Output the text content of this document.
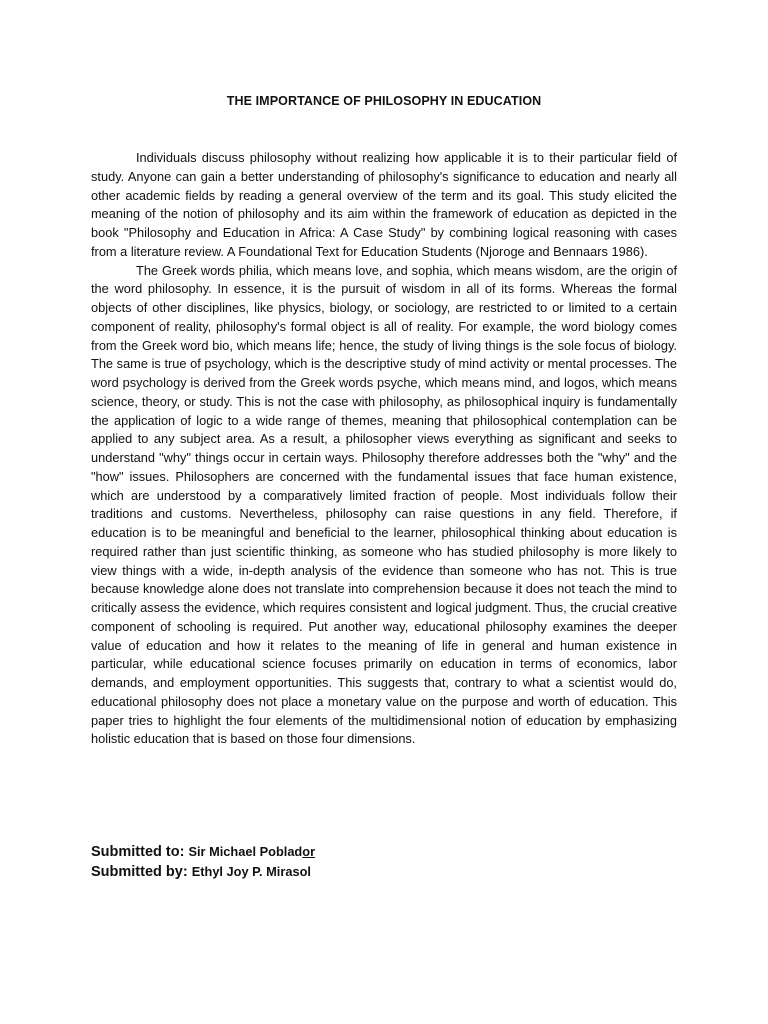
THE IMPORTANCE OF PHILOSOPHY IN EDUCATION

Individuals discuss philosophy without realizing how applicable it is to their particular field of study. Anyone can gain a better understanding of philosophy's significance to education and nearly all other academic fields by reading a general overview of the term and its goal. This study elicited the meaning of the notion of philosophy and its aim within the framework of education as depicted in the book "Philosophy and Education in Africa: A Case Study" by combining logical reasoning with cases from a literature review. A Foundational Text for Education Students (Njoroge and Bennaars 1986).

The Greek words philia, which means love, and sophia, which means wisdom, are the origin of the word philosophy. In essence, it is the pursuit of wisdom in all of its forms. Whereas the formal objects of other disciplines, like physics, biology, or sociology, are restricted to or limited to a certain component of reality, philosophy's formal object is all of reality. For example, the word biology comes from the Greek word bio, which means life; hence, the study of living things is the sole focus of biology. The same is true of psychology, which is the descriptive study of mind activity or mental processes. The word psychology is derived from the Greek words psyche, which means mind, and logos, which means science, theory, or study. This is not the case with philosophy, as philosophical inquiry is fundamentally the application of logic to a wide range of themes, meaning that philosophical contemplation can be applied to any subject area. As a result, a philosopher views everything as significant and seeks to understand "why" things occur in certain ways. Philosophy therefore addresses both the "why" and the "how" issues. Philosophers are concerned with the fundamental issues that face human existence, which are understood by a comparatively limited fraction of people. Most individuals follow their traditions and customs. Nevertheless, philosophy can raise questions in any field. Therefore, if education is to be meaningful and beneficial to the learner, philosophical thinking about education is required rather than just scientific thinking, as someone who has studied philosophy is more likely to view things with a wide, in-depth analysis of the evidence than someone who has not. This is true because knowledge alone does not translate into comprehension because it does not teach the mind to critically assess the evidence, which requires consistent and logical judgment. Thus, the crucial creative component of schooling is required. Put another way, educational philosophy examines the deeper value of education and how it relates to the meaning of life in general and human existence in particular, while educational science focuses primarily on education in terms of economics, labor demands, and employment opportunities. This suggests that, contrary to what a scientist would do, educational philosophy does not place a monetary value on the purpose and worth of education. This paper tries to highlight the four elements of the multidimensional notion of education by emphasizing holistic education that is based on those four dimensions.

Submitted to: Sir Michael Poblador
Submitted by: Ethyl Joy P. Mirasol
